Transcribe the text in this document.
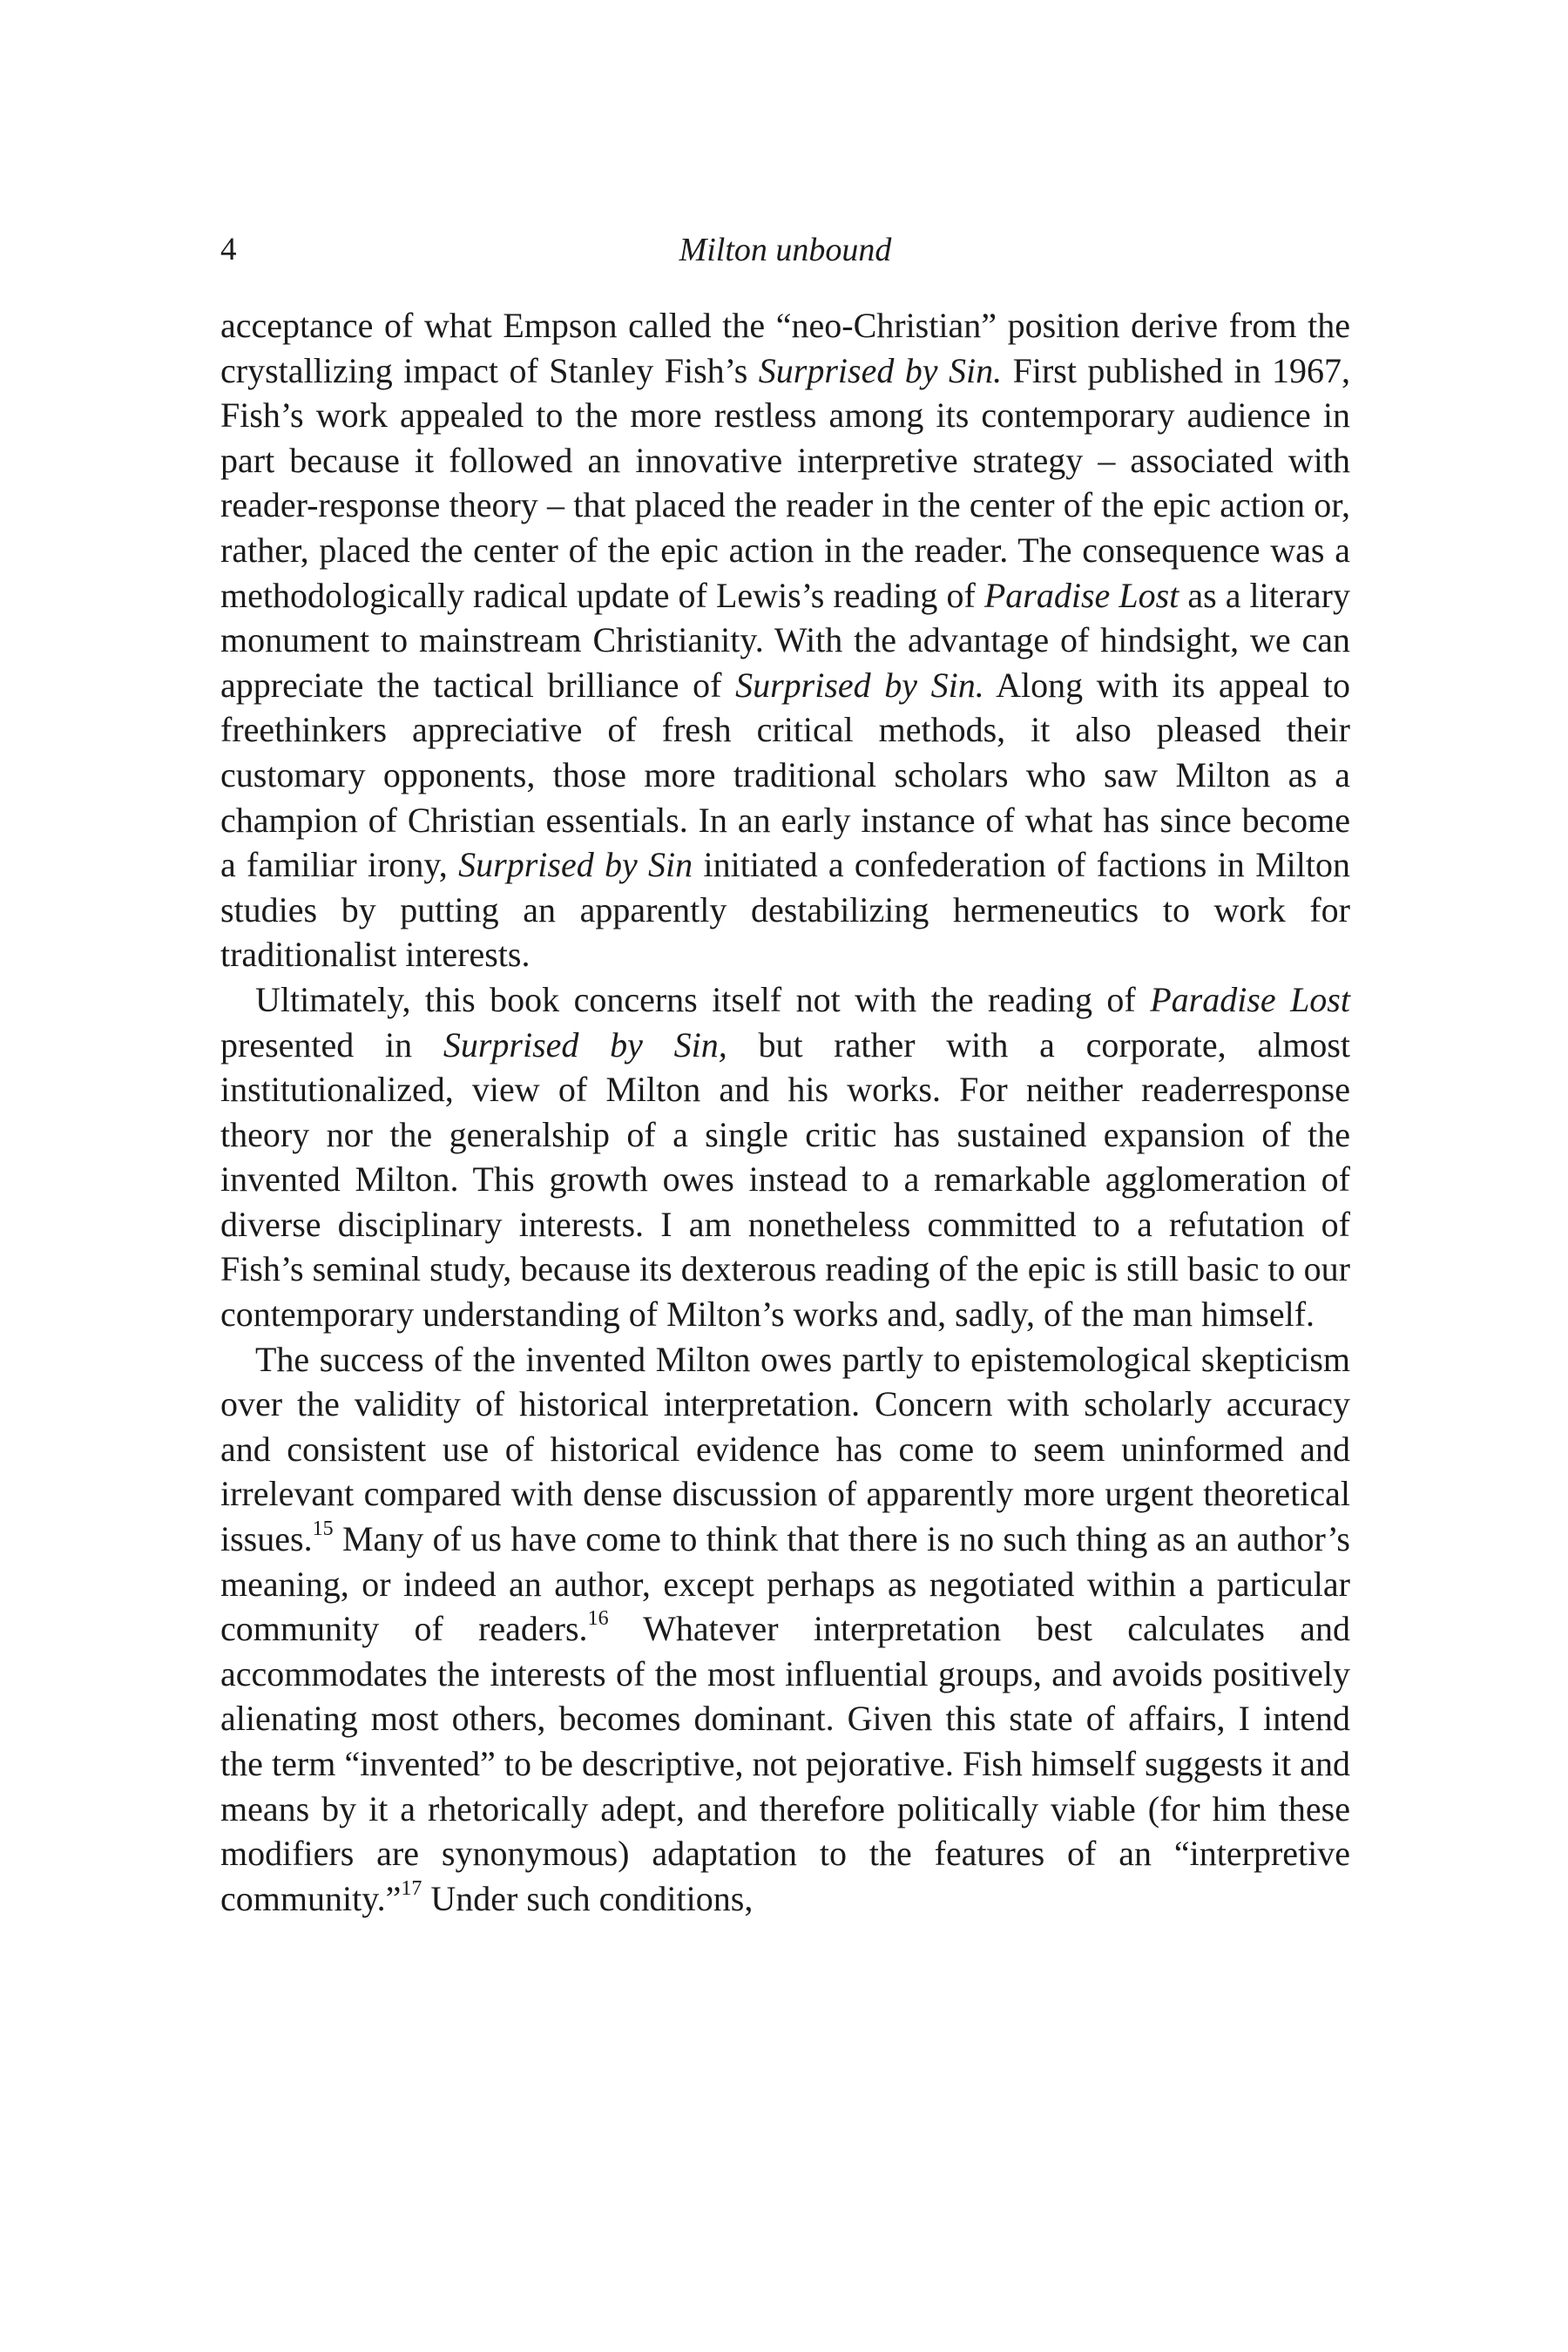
4	Milton unbound

acceptance of what Empson called the “neo-Christian” position derive from the crystallizing impact of Stanley Fish’s Surprised by Sin. First published in 1967, Fish’s work appealed to the more restless among its contemporary audience in part because it followed an innovative interpretive strategy – associated with reader-response theory – that placed the reader in the center of the epic action or, rather, placed the center of the epic action in the reader. The consequence was a methodologically radical update of Lewis’s reading of Paradise Lost as a literary monument to mainstream Christianity. With the advantage of hindsight, we can appreciate the tactical brilliance of Surprised by Sin. Along with its appeal to freethinkers appreciative of fresh critical methods, it also pleased their customary opponents, those more traditional scholars who saw Milton as a champion of Christian essentials. In an early instance of what has since become a familiar irony, Surprised by Sin initiated a confederation of factions in Milton studies by putting an apparently destabilizing hermeneutics to work for traditionalist interests.

Ultimately, this book concerns itself not with the reading of Paradise Lost presented in Surprised by Sin, but rather with a corporate, almost institutionalized, view of Milton and his works. For neither readerresponse theory nor the generalship of a single critic has sustained expansion of the invented Milton. This growth owes instead to a remarkable agglomeration of diverse disciplinary interests. I am nonetheless committed to a refutation of Fish’s seminal study, because its dexterous reading of the epic is still basic to our contemporary understanding of Milton’s works and, sadly, of the man himself.

The success of the invented Milton owes partly to epistemological skepticism over the validity of historical interpretation. Concern with scholarly accuracy and consistent use of historical evidence has come to seem uninformed and irrelevant compared with dense discussion of apparently more urgent theoretical issues.$^{15}$ Many of us have come to think that there is no such thing as an author’s meaning, or indeed an author, except perhaps as negotiated within a particular community of readers.$^{16}$ Whatever interpretation best calculates and accommodates the interests of the most influential groups, and avoids positively alienating most others, becomes dominant. Given this state of affairs, I intend the term “invented” to be descriptive, not pejorative. Fish himself suggests it and means by it a rhetorically adept, and therefore politically viable (for him these modifiers are synonymous) adaptation to the features of an “interpretive community.”$^{17}$ Under such conditions,
